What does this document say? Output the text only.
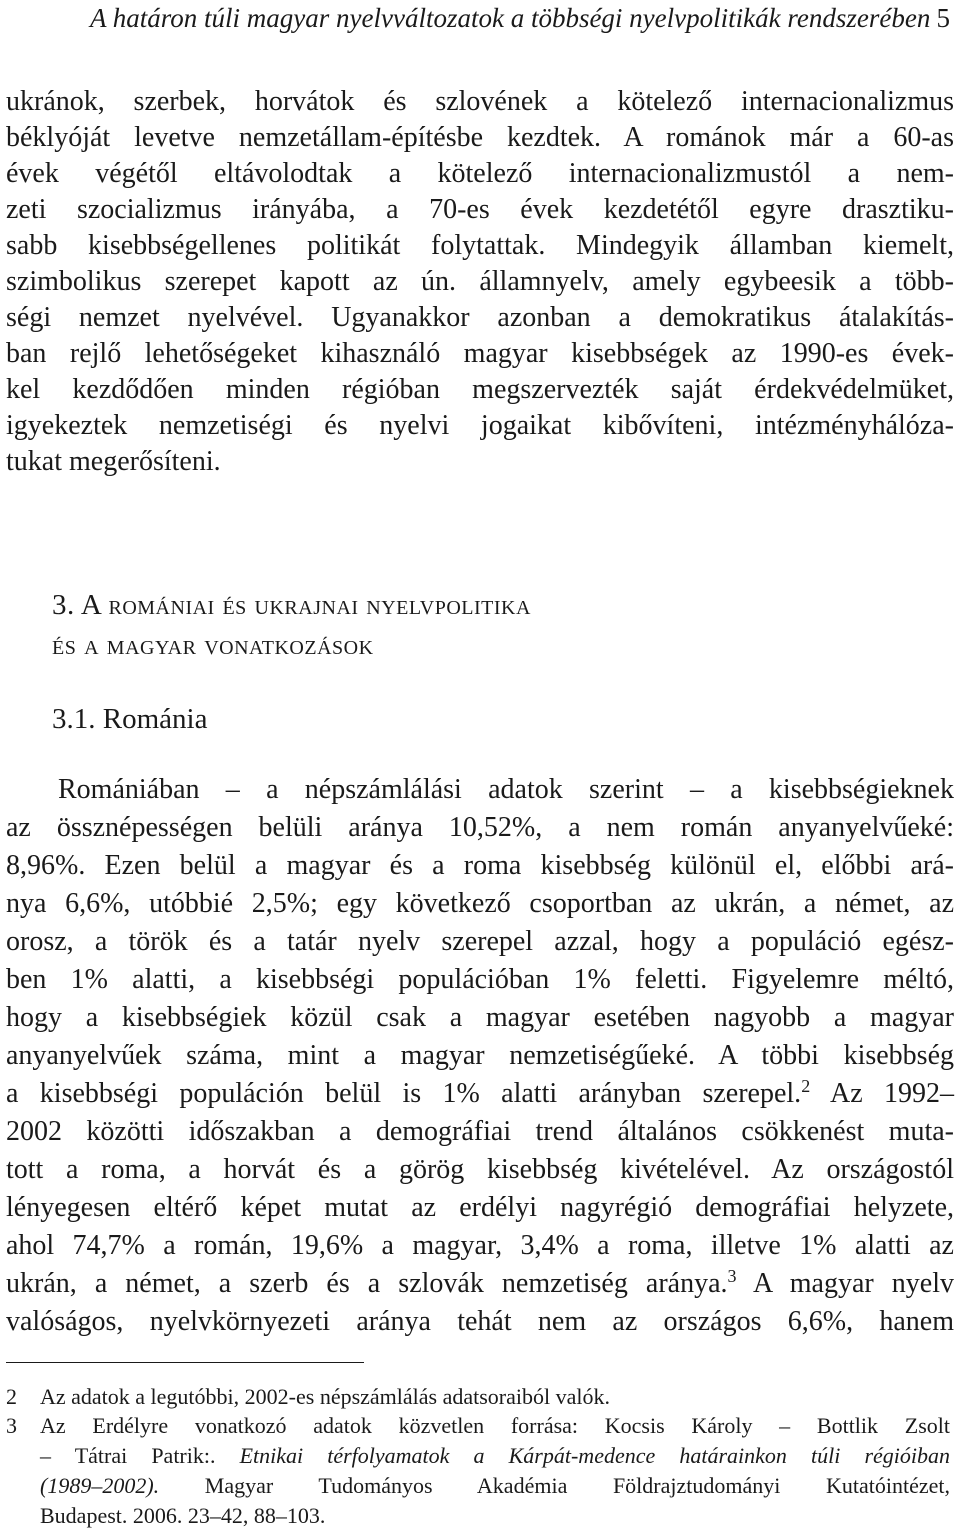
A határon túli magyar nyelvváltozatok a többségi nyelvpolitikák rendszerében 5
ukránok, szerbek, horvátok és szlovének a kötelező internacionalizmus
béklyóját levetve nemzetállam-építésbe kezdtek. A románok már a 60-as
évek végétől eltávolodtak a kötelező internacionalizmustól a nem-
zeti szocializmus irányába, a 70-es évek kezdetétől egyre drasztiku-
sabb kisebbségellenes politikát folytattak. Mindegyik államban kiemelt,
szimbolikus szerepet kapott az ún. államnyelv, amely egybeesik a több-
ségi nemzet nyelvével. Ugyanakkor azonban a demokratikus átalakítás-
ban rejlő lehetőségeket kihasználó magyar kisebbségek az 1990-es évek-
kel kezdődően minden régióban megszervezték saját érdekvédelmüket,
igyekeztek nemzetiségi és nyelvi jogaikat kibővíteni, intézményhálóza-
tukat megerősíteni.
3. A romániai és ukrajnai nyelvpolitika
és a magyar vonatkozások
3.1. Románia
Romániában – a népszámlálási adatok szerint – a kisebbségieknek
az össznépességen belüli aránya 10,52%, a nem román anyanyelvűeké:
8,96%. Ezen belül a magyar és a roma kisebbség különül el, előbbi ará-
nya 6,6%, utóbbié 2,5%; egy következő csoportban az ukrán, a német, az
orosz, a török és a tatár nyelv szerepel azzal, hogy a populáció egész-
ben 1% alatti, a kisebbségi populációban 1% feletti. Figyelemre méltó,
hogy a kisebbségiek közül csak a magyar esetében nagyobb a magyar
anyanyelvűek száma, mint a magyar nemzetiségűeké. A többi kisebbség
a kisebbségi populáción belül is 1% alatti arányban szerepel.$^2$ Az 1992–
2002 közötti időszakban a demográfiai trend általános csökkenést muta-
tott a roma, a horvát és a görög kisebbség kivételével. Az országostól
lényegesen eltérő képet mutat az erdélyi nagyrégió demográfiai helyzete,
ahol 74,7% a román, 19,6% a magyar, 3,4% a roma, illetve 1% alatti az
ukrán, a német, a szerb és a szlovák nemzetiség aránya.$^3$ A magyar nyelv
valóságos, nyelvkörnyezeti aránya tehát nem az országos 6,6%, hanem
2 Az adatok a legutóbbi, 2002-es népszámlálás adatsoraiból valók.
3 Az Erdélyre vonatkozó adatok közvetlen forrása: Kocsis Károly – Bottlik Zsolt
– Tátrai Patrik:. Etnikai térfolyamatok a Kárpát-medence határainkon túli régióiban
(1989–2002). Magyar Tudományos Akadémia Földrajztudományi Kutatóintézet,
Budapest. 2006. 23–42, 88–103.
